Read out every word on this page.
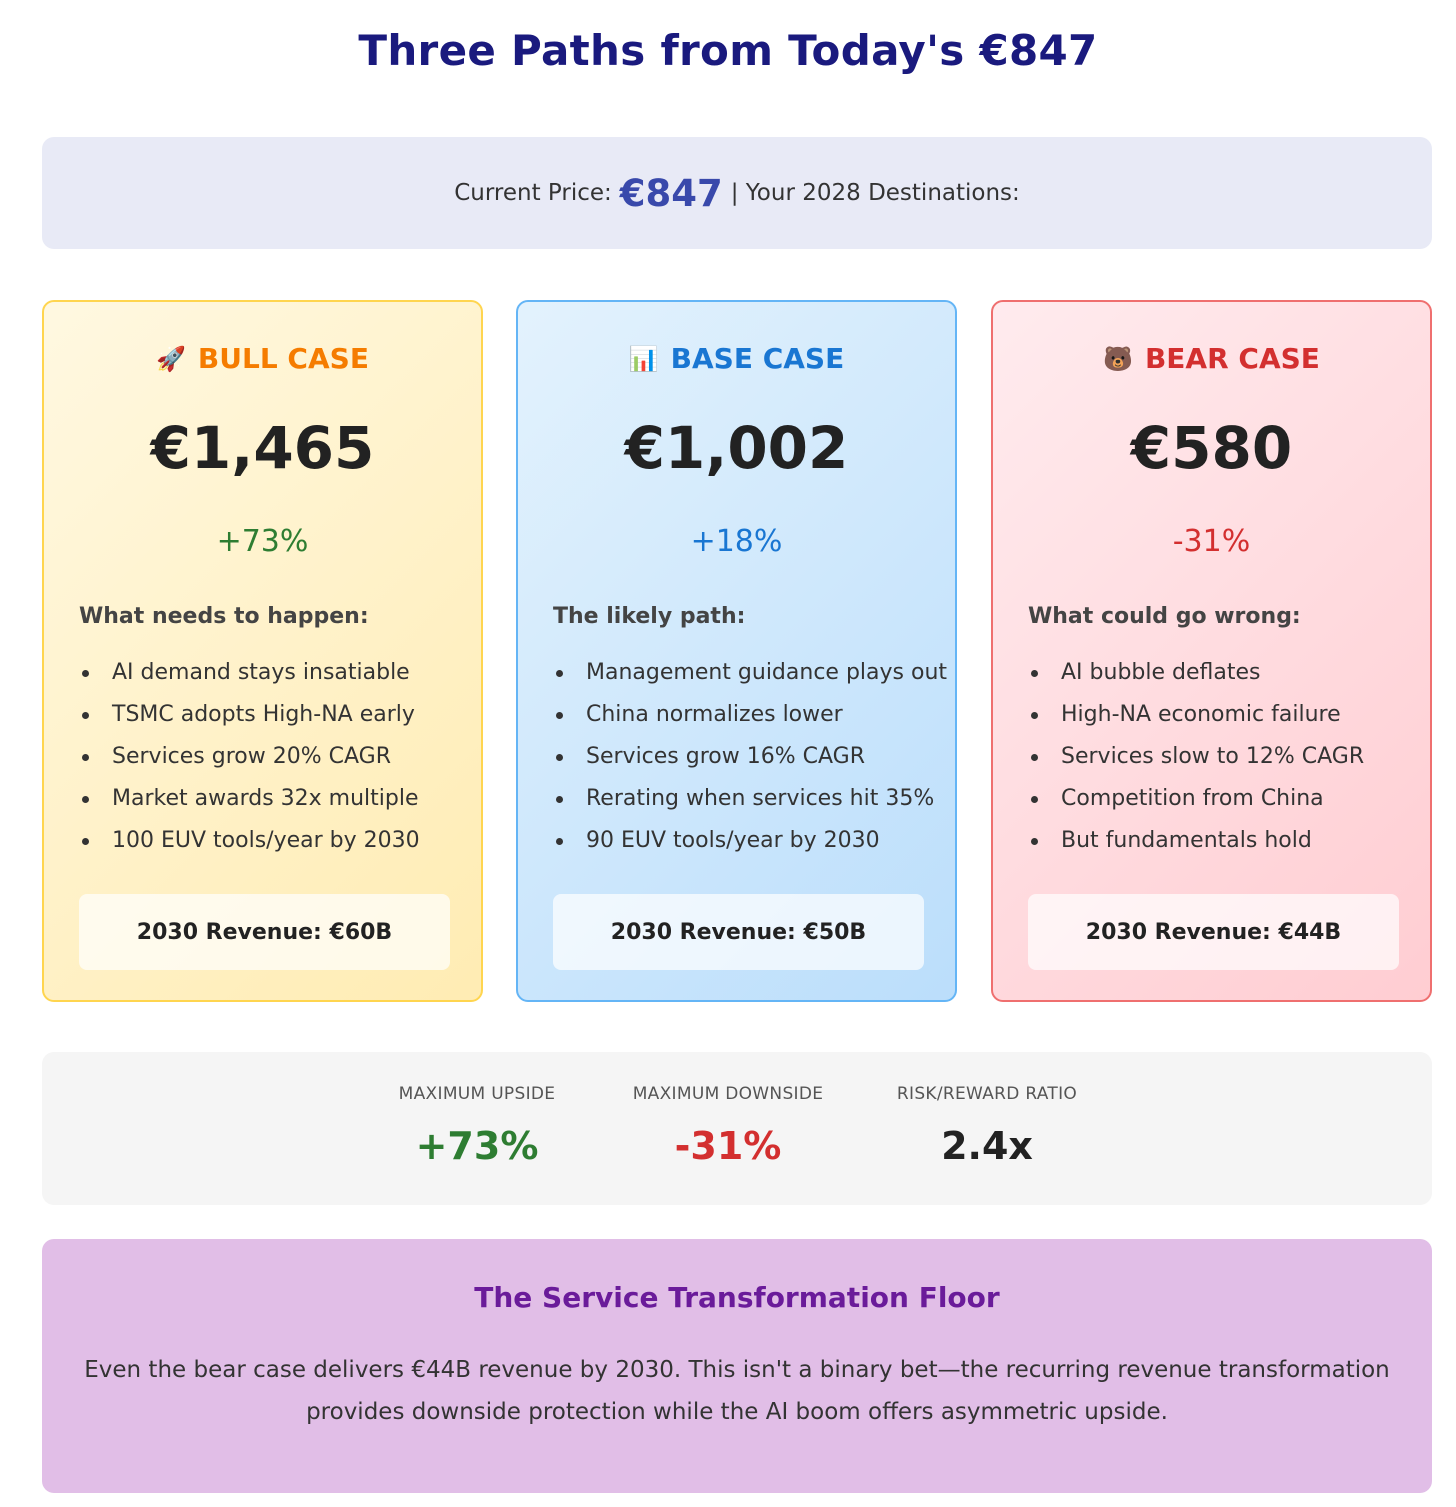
Three Paths from Today's €847
Current Price: €847 | Your 2028 Destinations:
🚀 BULL CASE
€1,465
+73%
What needs to happen:
AI demand stays insatiable
TSMC adopts High-NA early
Services grow 20% CAGR
Market awards 32x multiple
100 EUV tools/year by 2030
2030 Revenue: €60B
📊 BASE CASE
€1,002
+18%
The likely path:
Management guidance plays out
China normalizes lower
Services grow 16% CAGR
Rerating when services hit 35%
90 EUV tools/year by 2030
2030 Revenue: €50B
🐻 BEAR CASE
€580
-31%
What could go wrong:
AI bubble deflates
High-NA economic failure
Services slow to 12% CAGR
Competition from China
But fundamentals hold
2030 Revenue: €44B
MAXIMUM UPSIDE
+73%
MAXIMUM DOWNSIDE
-31%
RISK/REWARD RATIO
2.4x
The Service Transformation Floor
Even the bear case delivers €44B revenue by 2030. This isn't a binary bet—the recurring revenue transformation provides downside protection while the AI boom offers asymmetric upside.
